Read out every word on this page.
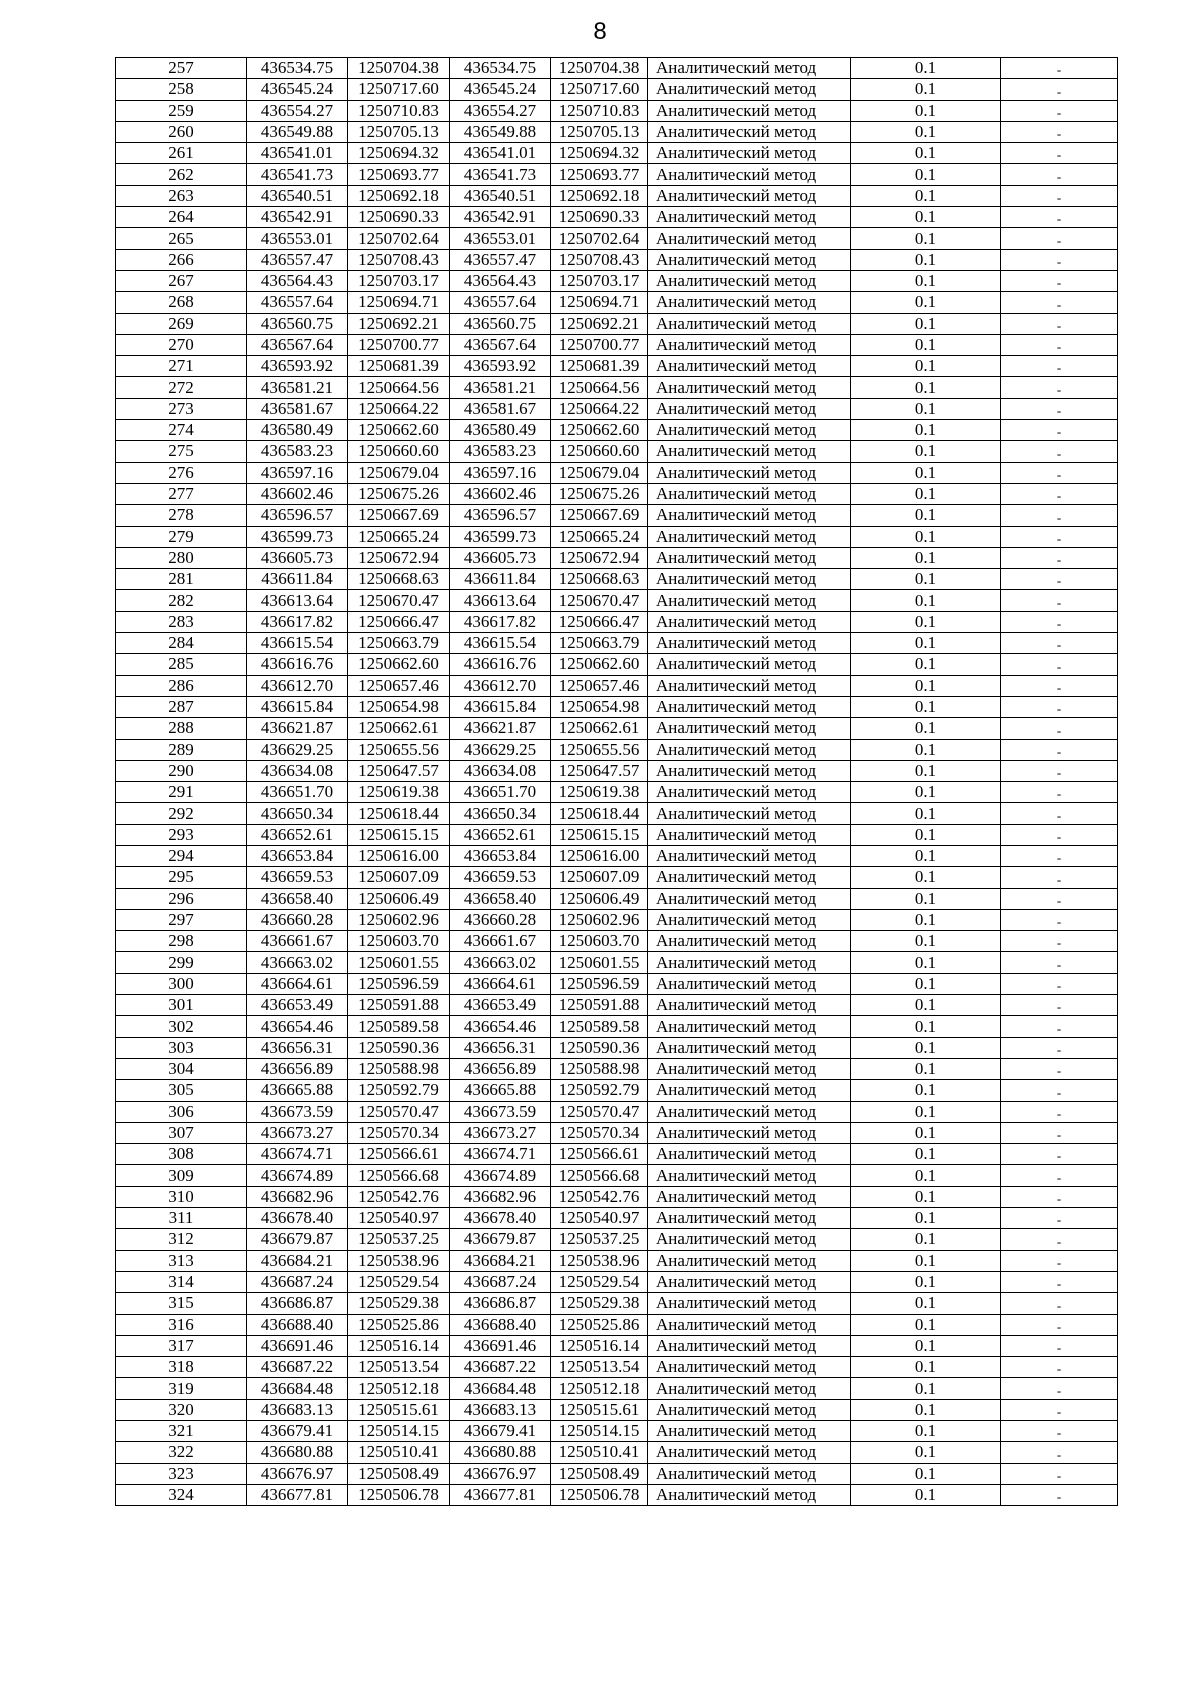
8
257	436534.75	1250704.38	436534.75	1250704.38	Аналитический метод	0.1	-
258	436545.24	1250717.60	436545.24	1250717.60	Аналитический метод	0.1	-
259	436554.27	1250710.83	436554.27	1250710.83	Аналитический метод	0.1	-
260	436549.88	1250705.13	436549.88	1250705.13	Аналитический метод	0.1	-
261	436541.01	1250694.32	436541.01	1250694.32	Аналитический метод	0.1	-
262	436541.73	1250693.77	436541.73	1250693.77	Аналитический метод	0.1	-
263	436540.51	1250692.18	436540.51	1250692.18	Аналитический метод	0.1	-
264	436542.91	1250690.33	436542.91	1250690.33	Аналитический метод	0.1	-
265	436553.01	1250702.64	436553.01	1250702.64	Аналитический метод	0.1	-
266	436557.47	1250708.43	436557.47	1250708.43	Аналитический метод	0.1	-
267	436564.43	1250703.17	436564.43	1250703.17	Аналитический метод	0.1	-
268	436557.64	1250694.71	436557.64	1250694.71	Аналитический метод	0.1	-
269	436560.75	1250692.21	436560.75	1250692.21	Аналитический метод	0.1	-
270	436567.64	1250700.77	436567.64	1250700.77	Аналитический метод	0.1	-
271	436593.92	1250681.39	436593.92	1250681.39	Аналитический метод	0.1	-
272	436581.21	1250664.56	436581.21	1250664.56	Аналитический метод	0.1	-
273	436581.67	1250664.22	436581.67	1250664.22	Аналитический метод	0.1	-
274	436580.49	1250662.60	436580.49	1250662.60	Аналитический метод	0.1	-
275	436583.23	1250660.60	436583.23	1250660.60	Аналитический метод	0.1	-
276	436597.16	1250679.04	436597.16	1250679.04	Аналитический метод	0.1	-
277	436602.46	1250675.26	436602.46	1250675.26	Аналитический метод	0.1	-
278	436596.57	1250667.69	436596.57	1250667.69	Аналитический метод	0.1	-
279	436599.73	1250665.24	436599.73	1250665.24	Аналитический метод	0.1	-
280	436605.73	1250672.94	436605.73	1250672.94	Аналитический метод	0.1	-
281	436611.84	1250668.63	436611.84	1250668.63	Аналитический метод	0.1	-
282	436613.64	1250670.47	436613.64	1250670.47	Аналитический метод	0.1	-
283	436617.82	1250666.47	436617.82	1250666.47	Аналитический метод	0.1	-
284	436615.54	1250663.79	436615.54	1250663.79	Аналитический метод	0.1	-
285	436616.76	1250662.60	436616.76	1250662.60	Аналитический метод	0.1	-
286	436612.70	1250657.46	436612.70	1250657.46	Аналитический метод	0.1	-
287	436615.84	1250654.98	436615.84	1250654.98	Аналитический метод	0.1	-
288	436621.87	1250662.61	436621.87	1250662.61	Аналитический метод	0.1	-
289	436629.25	1250655.56	436629.25	1250655.56	Аналитический метод	0.1	-
290	436634.08	1250647.57	436634.08	1250647.57	Аналитический метод	0.1	-
291	436651.70	1250619.38	436651.70	1250619.38	Аналитический метод	0.1	-
292	436650.34	1250618.44	436650.34	1250618.44	Аналитический метод	0.1	-
293	436652.61	1250615.15	436652.61	1250615.15	Аналитический метод	0.1	-
294	436653.84	1250616.00	436653.84	1250616.00	Аналитический метод	0.1	-
295	436659.53	1250607.09	436659.53	1250607.09	Аналитический метод	0.1	-
296	436658.40	1250606.49	436658.40	1250606.49	Аналитический метод	0.1	-
297	436660.28	1250602.96	436660.28	1250602.96	Аналитический метод	0.1	-
298	436661.67	1250603.70	436661.67	1250603.70	Аналитический метод	0.1	-
299	436663.02	1250601.55	436663.02	1250601.55	Аналитический метод	0.1	-
300	436664.61	1250596.59	436664.61	1250596.59	Аналитический метод	0.1	-
301	436653.49	1250591.88	436653.49	1250591.88	Аналитический метод	0.1	-
302	436654.46	1250589.58	436654.46	1250589.58	Аналитический метод	0.1	-
303	436656.31	1250590.36	436656.31	1250590.36	Аналитический метод	0.1	-
304	436656.89	1250588.98	436656.89	1250588.98	Аналитический метод	0.1	-
305	436665.88	1250592.79	436665.88	1250592.79	Аналитический метод	0.1	-
306	436673.59	1250570.47	436673.59	1250570.47	Аналитический метод	0.1	-
307	436673.27	1250570.34	436673.27	1250570.34	Аналитический метод	0.1	-
308	436674.71	1250566.61	436674.71	1250566.61	Аналитический метод	0.1	-
309	436674.89	1250566.68	436674.89	1250566.68	Аналитический метод	0.1	-
310	436682.96	1250542.76	436682.96	1250542.76	Аналитический метод	0.1	-
311	436678.40	1250540.97	436678.40	1250540.97	Аналитический метод	0.1	-
312	436679.87	1250537.25	436679.87	1250537.25	Аналитический метод	0.1	-
313	436684.21	1250538.96	436684.21	1250538.96	Аналитический метод	0.1	-
314	436687.24	1250529.54	436687.24	1250529.54	Аналитический метод	0.1	-
315	436686.87	1250529.38	436686.87	1250529.38	Аналитический метод	0.1	-
316	436688.40	1250525.86	436688.40	1250525.86	Аналитический метод	0.1	-
317	436691.46	1250516.14	436691.46	1250516.14	Аналитический метод	0.1	-
318	436687.22	1250513.54	436687.22	1250513.54	Аналитический метод	0.1	-
319	436684.48	1250512.18	436684.48	1250512.18	Аналитический метод	0.1	-
320	436683.13	1250515.61	436683.13	1250515.61	Аналитический метод	0.1	-
321	436679.41	1250514.15	436679.41	1250514.15	Аналитический метод	0.1	-
322	436680.88	1250510.41	436680.88	1250510.41	Аналитический метод	0.1	-
323	436676.97	1250508.49	436676.97	1250508.49	Аналитический метод	0.1	-
324	436677.81	1250506.78	436677.81	1250506.78	Аналитический метод	0.1	-
